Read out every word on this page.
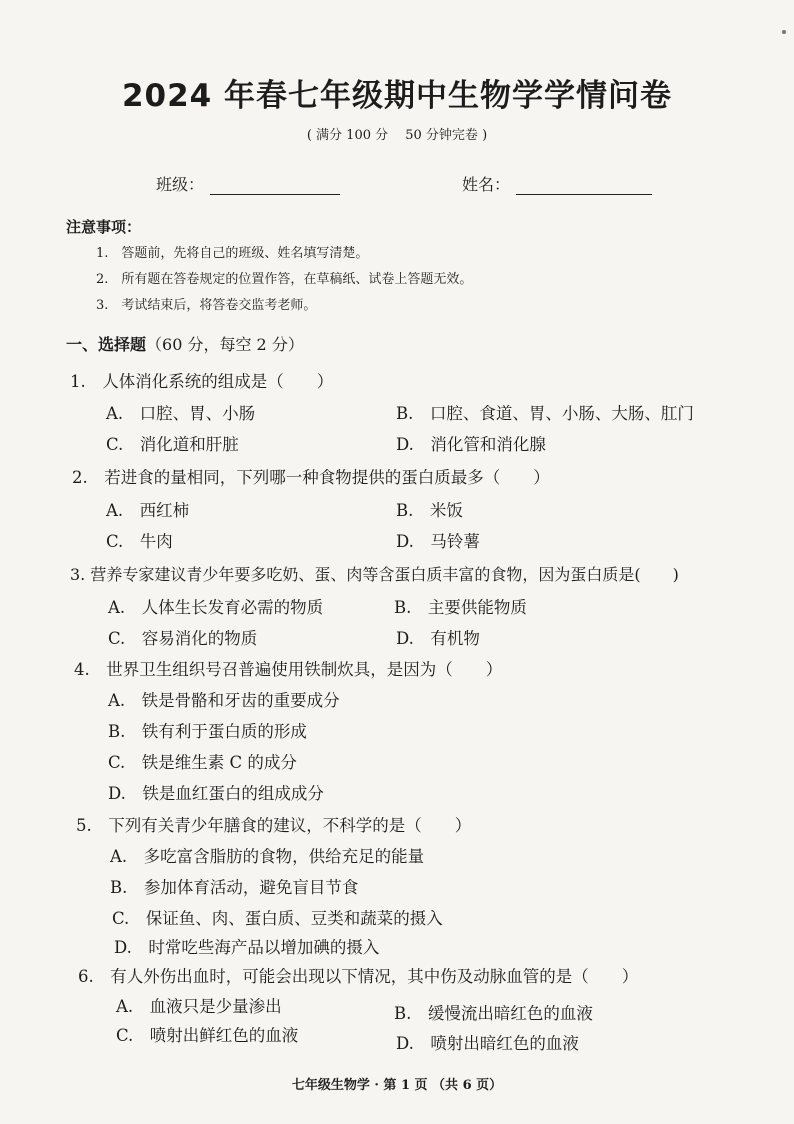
2024 年春七年级期中生物学学情问卷
( 满分 100 分　 50 分钟完卷 )
班级：	姓名：
注意事项：
1.　答题前，先将自己的班级、姓名填写清楚。
2.　所有题在答卷规定的位置作答，在草稿纸、试卷上答题无效。
3.　考试结束后，将答卷交监考老师。
一、选择题（60 分，每空 2 分）
1.　人体消化系统的组成是（　　）
A.　口腔、胃、小肠	B.　口腔、食道、胃、小肠、大肠、肛门
C.　消化道和肝脏	D.　消化管和消化腺
2.　若进食的量相同，下列哪一种食物提供的蛋白质最多（　　）
A.　西红柿	B.　米饭
C.　牛肉	D.　马铃薯
3. 营养专家建议青少年要多吃奶、蛋、肉等含蛋白质丰富的食物，因为蛋白质是(　　)
A.　人体生长发育必需的物质	B.　主要供能物质
C.　容易消化的物质	D.　有机物
4.　世界卫生组织号召普遍使用铁制炊具，是因为（　　）
A.　铁是骨骼和牙齿的重要成分
B.　铁有利于蛋白质的形成
C.　铁是维生素 C 的成分
D.　铁是血红蛋白的组成成分
5.　下列有关青少年膳食的建议，不科学的是（　　）
A.　多吃富含脂肪的食物，供给充足的能量
B.　参加体育活动，避免盲目节食
C.　保证鱼、肉、蛋白质、豆类和蔬菜的摄入
D.　时常吃些海产品以增加碘的摄入
6.　有人外伤出血时，可能会出现以下情况，其中伤及动脉血管的是（　　）
A.　血液只是少量渗出	B.　缓慢流出暗红色的血液
C.　喷射出鲜红色的血液	D.　喷射出暗红色的血液
七年级生物学 · 第 1 页 （共 6 页）
